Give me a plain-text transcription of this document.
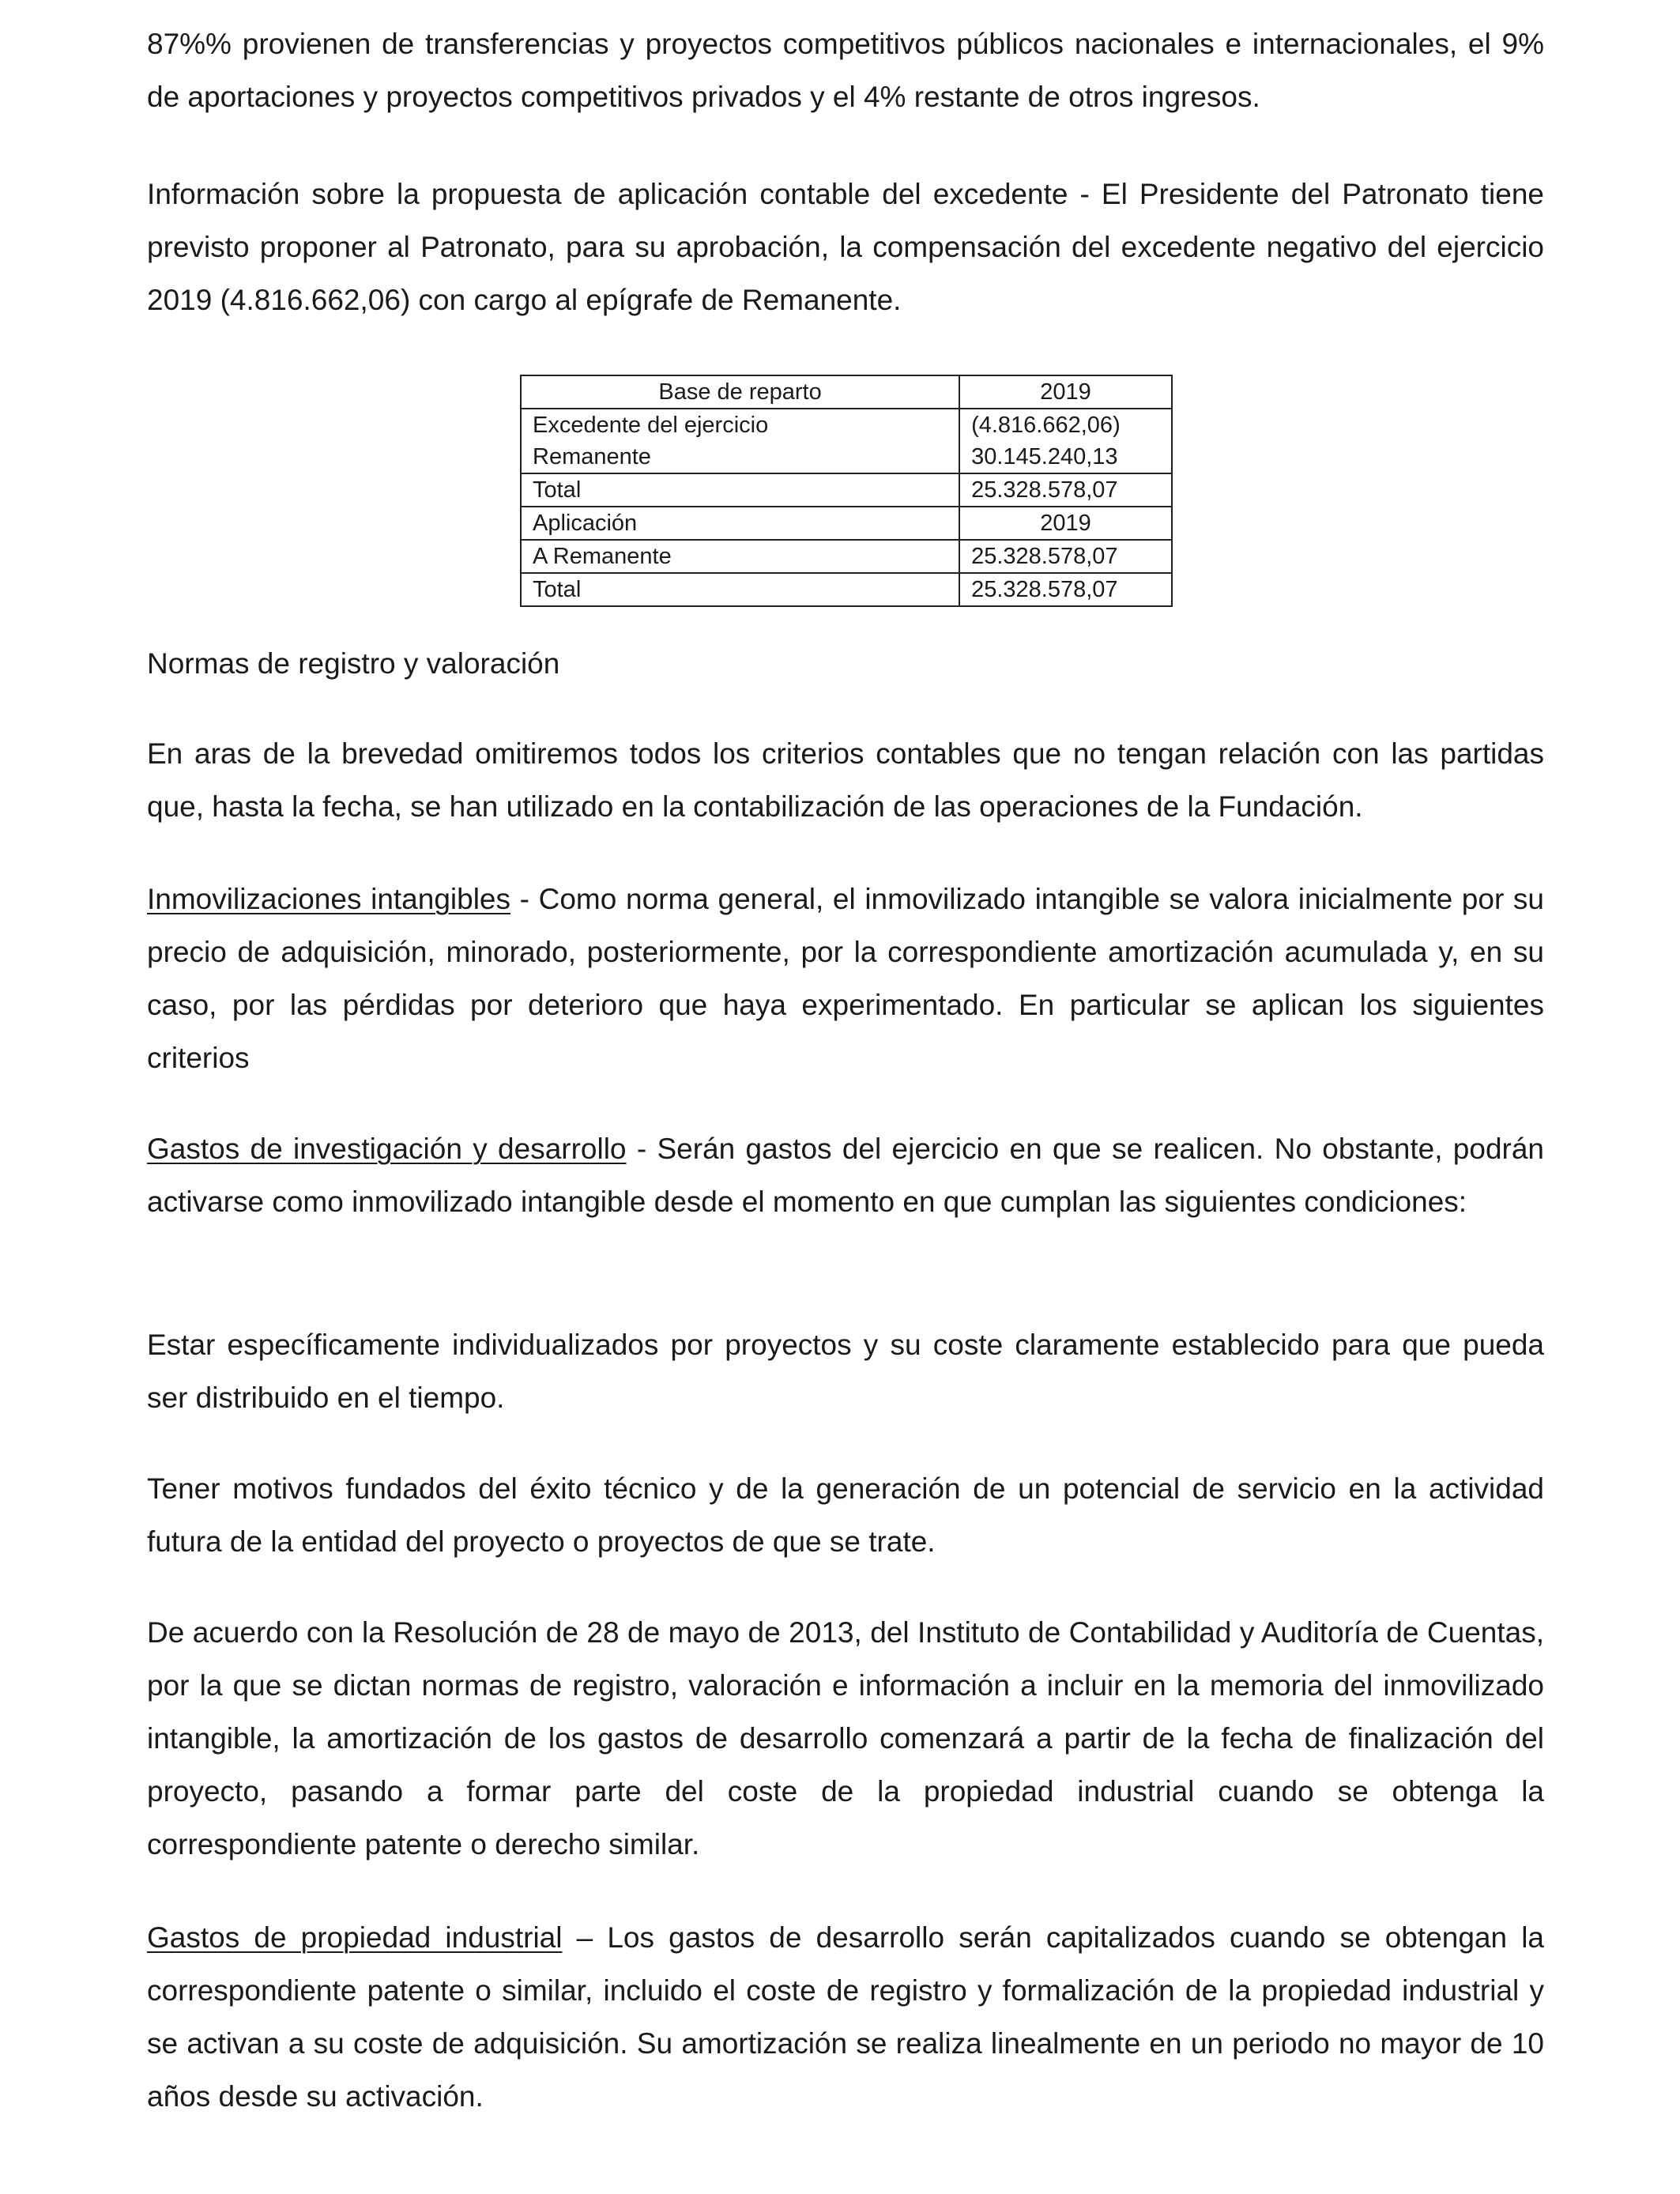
87%% provienen de transferencias y proyectos competitivos públicos nacionales e internacionales, el 9% de aportaciones y proyectos competitivos privados y el 4% restante de otros ingresos.

Información sobre la propuesta de aplicación contable del excedente - El Presidente del Patronato tiene previsto proponer al Patronato, para su aprobación, la compensación del excedente negativo del ejercicio 2019 (4.816.662,06) con cargo al epígrafe de Remanente.

Base de reparto	2019
Excedente del ejercicio	(4.816.662,06)
Remanente	30.145.240,13
Total	25.328.578,07
Aplicación	2019
A Remanente	25.328.578,07
Total	25.328.578,07

Normas de registro y valoración

En aras de la brevedad omitiremos todos los criterios contables que no tengan relación con las partidas que, hasta la fecha, se han utilizado en la contabilización de las operaciones de la Fundación.

Inmovilizaciones intangibles - Como norma general, el inmovilizado intangible se valora inicialmente por su precio de adquisición, minorado, posteriormente, por la correspondiente amortización acumulada y, en su caso, por las pérdidas por deterioro que haya experimentado. En particular se aplican los siguientes criterios

Gastos de investigación y desarrollo - Serán gastos del ejercicio en que se realicen. No obstante, podrán activarse como inmovilizado intangible desde el momento en que cumplan las siguientes condiciones:

Estar específicamente individualizados por proyectos y su coste claramente establecido para que pueda ser distribuido en el tiempo.

Tener motivos fundados del éxito técnico y de la generación de un potencial de servicio en la actividad futura de la entidad del proyecto o proyectos de que se trate.

De acuerdo con la Resolución de 28 de mayo de 2013, del Instituto de Contabilidad y Auditoría de Cuentas, por la que se dictan normas de registro, valoración e información a incluir en la memoria del inmovilizado intangible, la amortización de los gastos de desarrollo comenzará a partir de la fecha de finalización del proyecto, pasando a formar parte del coste de la propiedad industrial cuando se obtenga la correspondiente patente o derecho similar.

Gastos de propiedad industrial – Los gastos de desarrollo serán capitalizados cuando se obtengan la correspondiente patente o similar, incluido el coste de registro y formalización de la propiedad industrial y se activan a su coste de adquisición. Su amortización se realiza linealmente en un periodo no mayor de 10 años desde su activación.
